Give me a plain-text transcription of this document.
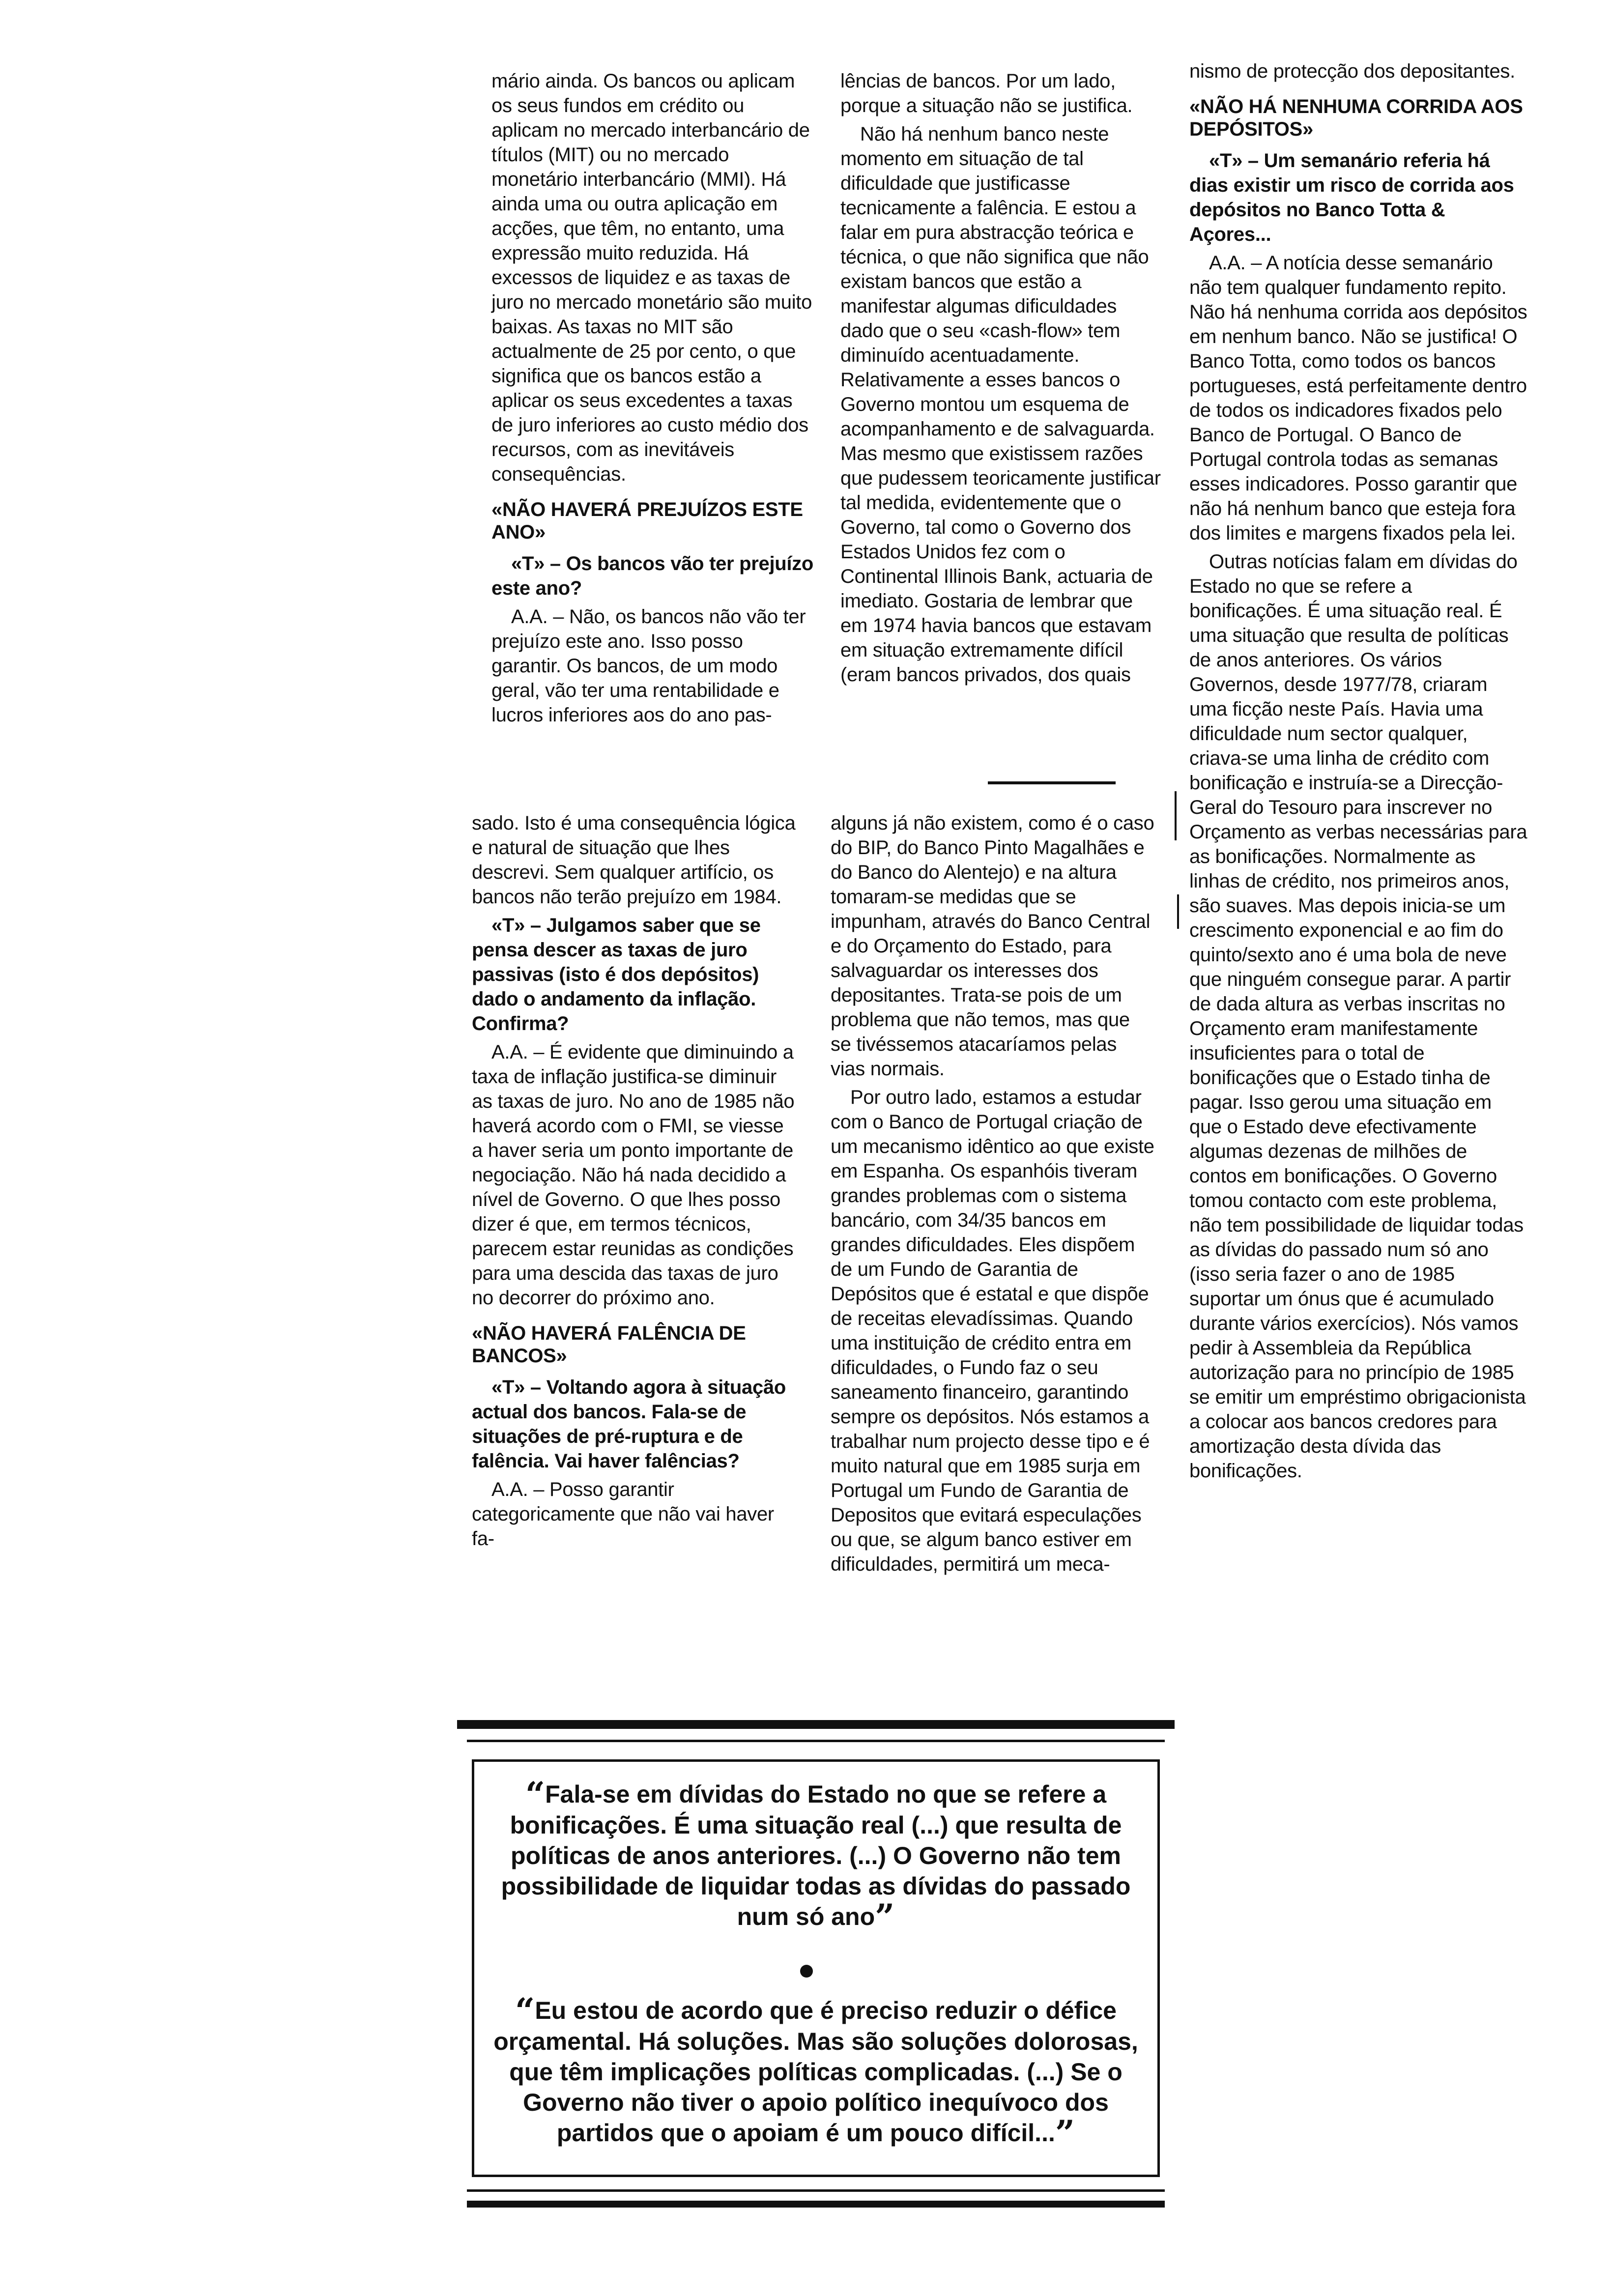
mário ainda. Os bancos ou aplicam os seus fundos em crédito ou aplicam no mercado interbancário de títulos (MIT) ou no mercado monetário interbancário (MMI). Há ainda uma ou outra aplicação em acções, que têm, no entanto, uma expressão muito reduzida. Há excessos de liquidez e as taxas de juro no mercado monetário são muito baixas. As taxas no MIT são actualmente de 25 por cento, o que significa que os bancos estão a aplicar os seus excedentes a taxas de juro inferiores ao custo médio dos recursos, com as inevitáveis consequências.

«NÃO HAVERÁ PREJUÍZOS ESTE ANO»

«T» – Os bancos vão ter prejuízo este ano?

A.A. – Não, os bancos não vão ter prejuízo este ano. Isso posso garantir. Os bancos, de um modo geral, vão ter uma rentabilidade e lucros inferiores aos do ano pas-

lências de bancos. Por um lado, porque a situação não se justifica.

Não há nenhum banco neste momento em situação de tal dificuldade que justificasse tecnicamente a falência. E estou a falar em pura abstracção teórica e técnica, o que não significa que não existam bancos que estão a manifestar algumas dificuldades dado que o seu «cash-flow» tem diminuído acentuadamente. Relativamente a esses bancos o Governo montou um esquema de acompanhamento e de salvaguarda. Mas mesmo que existissem razões que pudessem teoricamente justificar tal medida, evidentemente que o Governo, tal como o Governo dos Estados Unidos fez com o Continental Illinois Bank, actuaria de imediato. Gostaria de lembrar que em 1974 havia bancos que estavam em situação extremamente difícil (eram bancos privados, dos quais

sado. Isto é uma consequência lógica e natural de situação que lhes descrevi. Sem qualquer artifício, os bancos não terão prejuízo em 1984.

«T» – Julgamos saber que se pensa descer as taxas de juro passivas (isto é dos depósitos) dado o andamento da inflação. Confirma?

A.A. – É evidente que diminuindo a taxa de inflação justifica-se diminuir as taxas de juro. No ano de 1985 não haverá acordo com o FMI, se viesse a haver seria um ponto importante de negociação. Não há nada decidido a nível de Governo. O que lhes posso dizer é que, em termos técnicos, parecem estar reunidas as condições para uma descida das taxas de juro no decorrer do próximo ano.

«NÃO HAVERÁ FALÊNCIA DE BANCOS»

«T» – Voltando agora à situação actual dos bancos. Fala-se de situações de pré-ruptura e de falência. Vai haver falências?

A.A. – Posso garantir categoricamente que não vai haver fa-

alguns já não existem, como é o caso do BIP, do Banco Pinto Magalhães e do Banco do Alentejo) e na altura tomaram-se medidas que se impunham, através do Banco Central e do Orçamento do Estado, para salvaguardar os interesses dos depositantes. Trata-se pois de um problema que não temos, mas que se tivéssemos atacaríamos pelas vias normais.

Por outro lado, estamos a estudar com o Banco de Portugal criação de um mecanismo idêntico ao que existe em Espanha. Os espanhóis tiveram grandes problemas com o sistema bancário, com 34/35 bancos em grandes dificuldades. Eles dispõem de um Fundo de Garantia de Depósitos que é estatal e que dispõe de receitas elevadíssimas. Quando uma instituição de crédito entra em dificuldades, o Fundo faz o seu saneamento financeiro, garantindo sempre os depósitos. Nós estamos a trabalhar num projecto desse tipo e é muito natural que em 1985 surja em Portugal um Fundo de Garantia de Depositos que evitará especulações ou que, se algum banco estiver em dificuldades, permitirá um meca-

nismo de protecção dos depositantes.

«NÃO HÁ NENHUMA CORRIDA AOS DEPÓSITOS»

«T» – Um semanário referia há dias existir um risco de corrida aos depósitos no Banco Totta & Açores...

A.A. – A notícia desse semanário não tem qualquer fundamento repito. Não há nenhuma corrida aos depósitos em nenhum banco. Não se justifica! O Banco Totta, como todos os bancos portugueses, está perfeitamente dentro de todos os indicadores fixados pelo Banco de Portugal. O Banco de Portugal controla todas as semanas esses indicadores. Posso garantir que não há nenhum banco que esteja fora dos limites e margens fixados pela lei.

Outras notícias falam em dívidas do Estado no que se refere a bonificações. É uma situação real. É uma situação que resulta de políticas de anos anteriores. Os vários Governos, desde 1977/78, criaram uma ficção neste País. Havia uma dificuldade num sector qualquer, criava-se uma linha de crédito com bonificação e instruía-se a Direcção-Geral do Tesouro para inscrever no Orçamento as verbas necessárias para as bonificações. Normalmente as linhas de crédito, nos primeiros anos, são suaves. Mas depois inicia-se um crescimento exponencial e ao fim do quinto/sexto ano é uma bola de neve que ninguém consegue parar. A partir de dada altura as verbas inscritas no Orçamento eram manifestamente insuficientes para o total de bonificações que o Estado tinha de pagar. Isso gerou uma situação em que o Estado deve efectivamente algumas dezenas de milhões de contos em bonificações. O Governo tomou contacto com este problema, não tem possibilidade de liquidar todas as dívidas do passado num só ano (isso seria fazer o ano de 1985 suportar um ónus que é acumulado durante vários exercícios). Nós vamos pedir à Assembleia da República autorização para no princípio de 1985 se emitir um empréstimo obrigacionista a colocar aos bancos credores para amortização desta dívida das bonificações.

“Fala-se em dívidas do Estado no que se refere a bonificações. É uma situação real (...) que resulta de políticas de anos anteriores. (...) O Governo não tem possibilidade de liquidar todas as dívidas do passado num só ano”
“Eu estou de acordo que é preciso reduzir o défice orçamental. Há soluções. Mas são soluções dolorosas, que têm implicações políticas complicadas. (...) Se o Governo não tiver o apoio político inequívoco dos partidos que o apoiam é um pouco difícil...”
